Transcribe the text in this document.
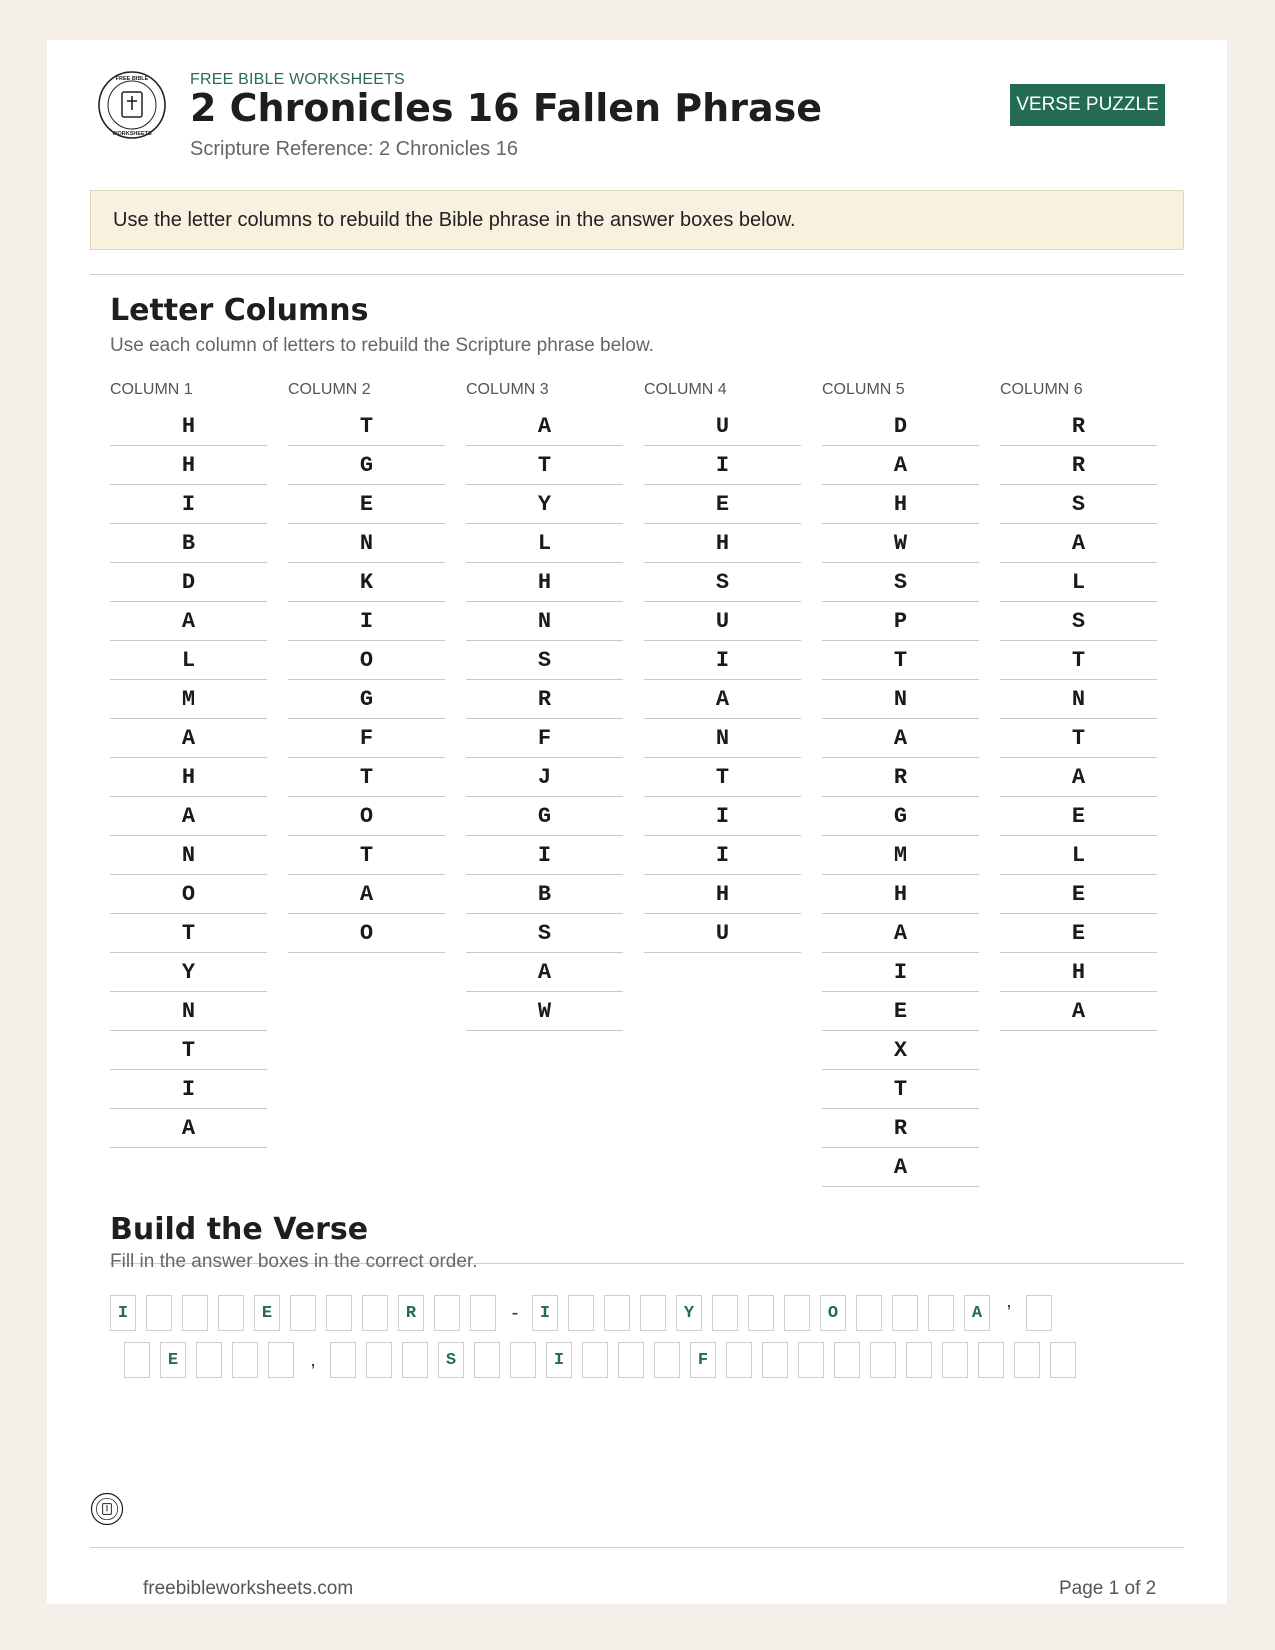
FREE BIBLE
WORKSHEETS
FREE BIBLE WORKSHEETS
2 Chronicles 16 Fallen Phrase
Scripture Reference: 2 Chronicles 16
VERSE PUZZLE
Use the letter columns to rebuild the Bible phrase in the answer boxes below.
Letter Columns
Use each column of letters to rebuild the Scripture phrase below.
COLUMN 1
H
H
I
B
D
A
L
M
A
H
A
N
O
T
Y
N
T
I
A
COLUMN 2
T
G
E
N
K
I
O
G
F
T
O
T
A
O
COLUMN 3
A
T
Y
L
H
N
S
R
F
J
G
I
B
S
A
W
COLUMN 4
U
I
E
H
S
U
I
A
N
T
I
I
H
U
COLUMN 5
D
A
H
W
S
P
T
N
A
R
G
M
H
A
I
E
X
T
R
A
COLUMN 6
R
R
S
A
L
S
T
N
T
A
E
L
E
E
H
A
Build the Verse
Fill in the answer boxes in the correct order.
I	E	R	-	I	Y	O	A	’
E	,	S	I	F
freebibleworksheets.com	Page 1 of 2
